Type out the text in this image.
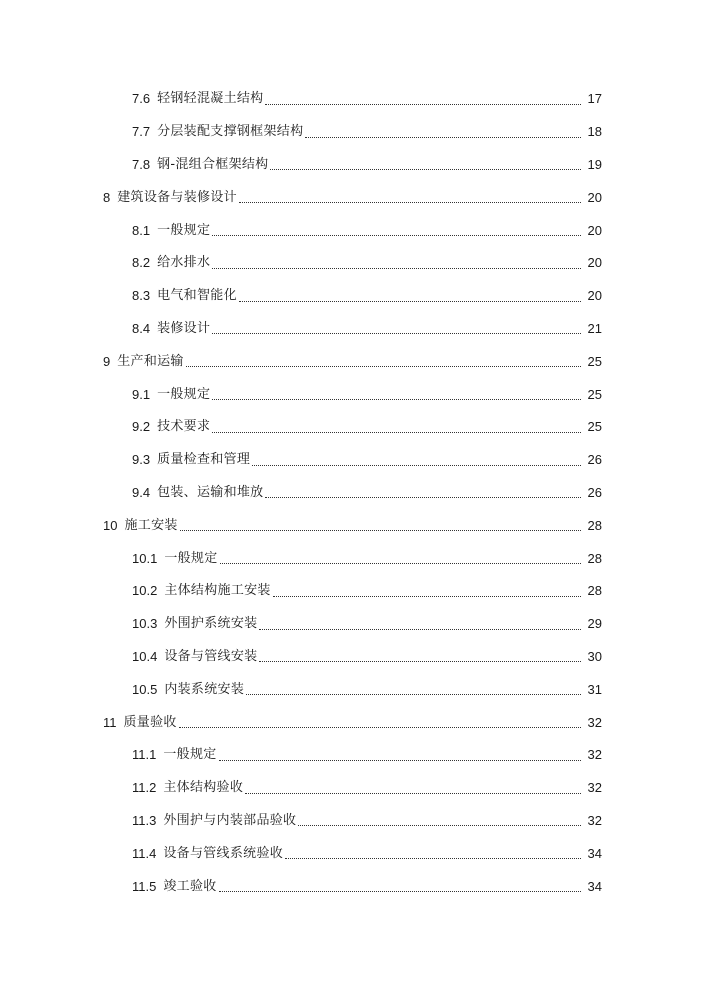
7.6 轻钢轻混凝土结构	17
7.7 分层装配支撑钢框架结构	18
7.8 钢-混组合框架结构	19
8 建筑设备与装修设计	20
8.1 一般规定	20
8.2 给水排水	20
8.3 电气和智能化	20
8.4 装修设计	21
9 生产和运输	25
9.1 一般规定	25
9.2 技术要求	25
9.3 质量检查和管理	26
9.4 包装、运输和堆放	26
10 施工安装	28
10.1 一般规定	28
10.2 主体结构施工安装	28
10.3 外围护系统安装	29
10.4 设备与管线安装	30
10.5 内装系统安装	31
11 质量验收	32
11.1 一般规定	32
11.2 主体结构验收	32
11.3 外围护与内装部品验收	32
11.4 设备与管线系统验收	34
11.5 竣工验收	34
